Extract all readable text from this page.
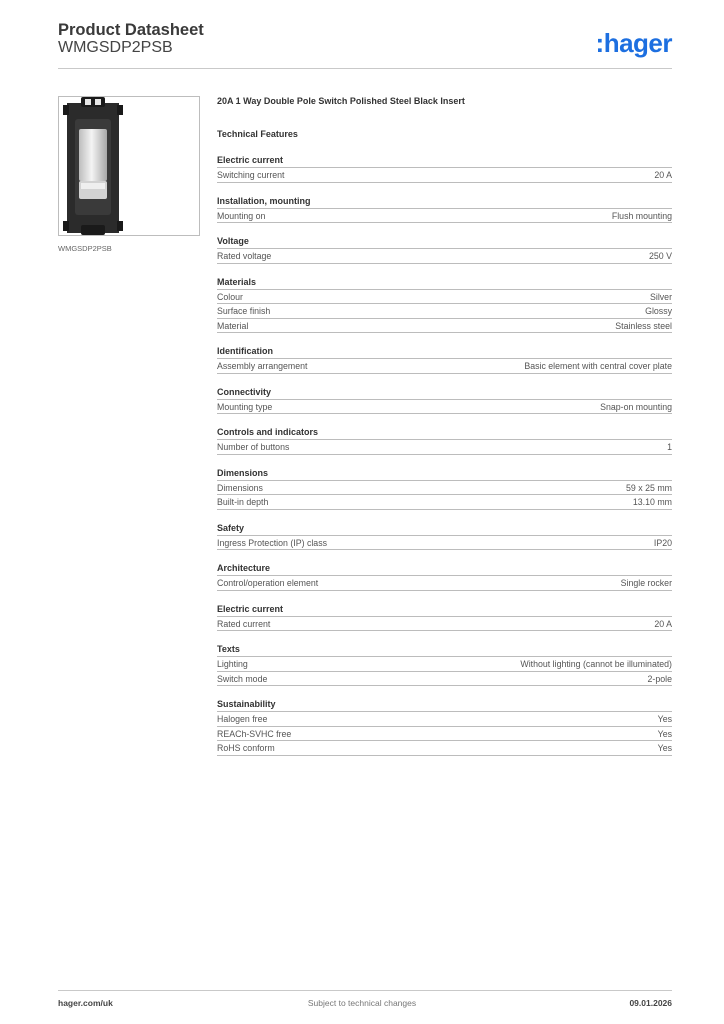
Product Datasheet
WMGSDP2PSB	:hager
WMGSDP2PSB
20A 1 Way Double Pole Switch Polished Steel Black Insert
Technical Features
Electric current
Switching current	20 A
Installation, mounting
Mounting on	Flush mounting
Voltage
Rated voltage	250 V
Materials
Colour	Silver
Surface finish	Glossy
Material	Stainless steel
Identification
Assembly arrangement	Basic element with central cover plate
Connectivity
Mounting type	Snap-on mounting
Controls and indicators
Number of buttons	1
Dimensions
Dimensions	59 x 25 mm
Built-in depth	13.10 mm
Safety
Ingress Protection (IP) class	IP20
Architecture
Control/operation element	Single rocker
Electric current
Rated current	20 A
Texts
Lighting	Without lighting (cannot be illuminated)
Switch mode	2-pole
Sustainability
Halogen free	Yes
REACh-SVHC free	Yes
RoHS conform	Yes
hager.com/uk	Subject to technical changes	09.01.2026
